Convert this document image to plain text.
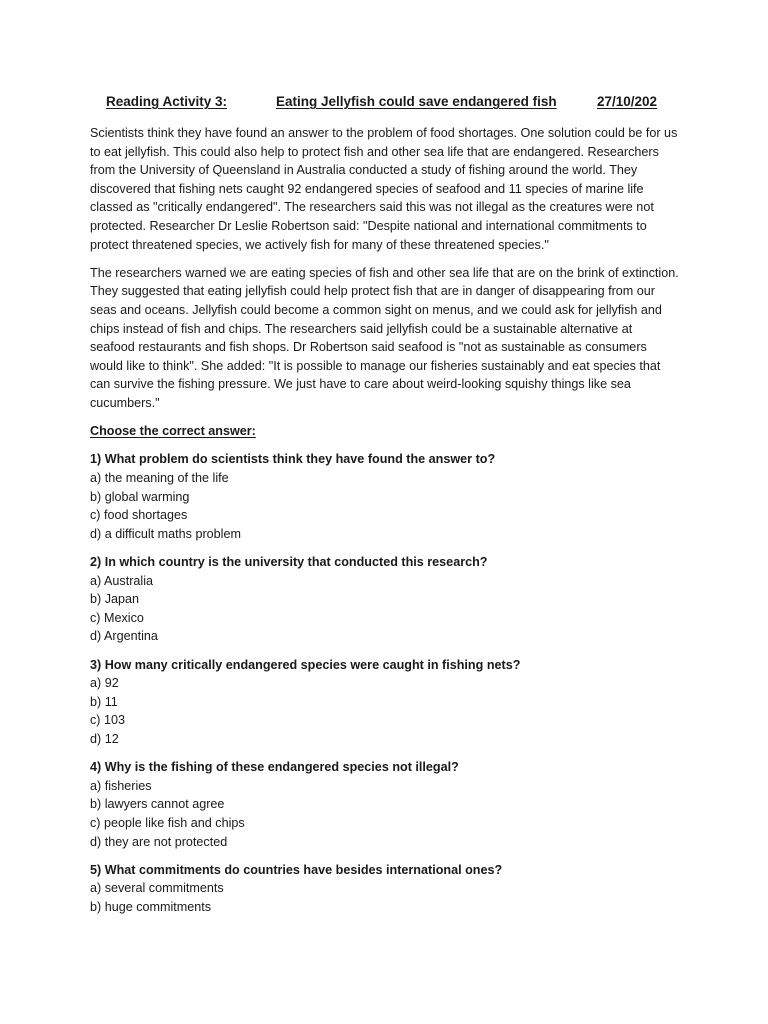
Reading Activity 3:	Eating Jellyfish could save endangered fish	27/10/202

Scientists think they have found an answer to the problem of food shortages. One solution could be for us to eat jellyfish. This could also help to protect fish and other sea life that are endangered. Researchers from the University of Queensland in Australia conducted a study of fishing around the world. They discovered that fishing nets caught 92 endangered species of seafood and 11 species of marine life classed as "critically endangered". The researchers said this was not illegal as the creatures were not protected. Researcher Dr Leslie Robertson said: "Despite national and international commitments to protect threatened species, we actively fish for many of these threatened species."

The researchers warned we are eating species of fish and other sea life that are on the brink of extinction. They suggested that eating jellyfish could help protect fish that are in danger of disappearing from our seas and oceans. Jellyfish could become a common sight on menus, and we could ask for jellyfish and chips instead of fish and chips. The researchers said jellyfish could be a sustainable alternative at seafood restaurants and fish shops. Dr Robertson said seafood is "not as sustainable as consumers would like to think". She added: "It is possible to manage our fisheries sustainably and eat species that can survive the fishing pressure. We just have to care about weird-looking squishy things like sea cucumbers."

Choose the correct answer:

1) What problem do scientists think they have found the answer to?
a) the meaning of the life
b) global warming
c) food shortages
d) a difficult maths problem
2) In which country is the university that conducted this research?
a) Australia
b) Japan
c) Mexico
d) Argentina
3) How many critically endangered species were caught in fishing nets?
a) 92
b) 11
c) 103
d) 12
4) Why is the fishing of these endangered species not illegal?
a) fisheries
b) lawyers cannot agree
c) people like fish and chips
d) they are not protected
5) What commitments do countries have besides international ones?
a) several commitments
b) huge commitments
